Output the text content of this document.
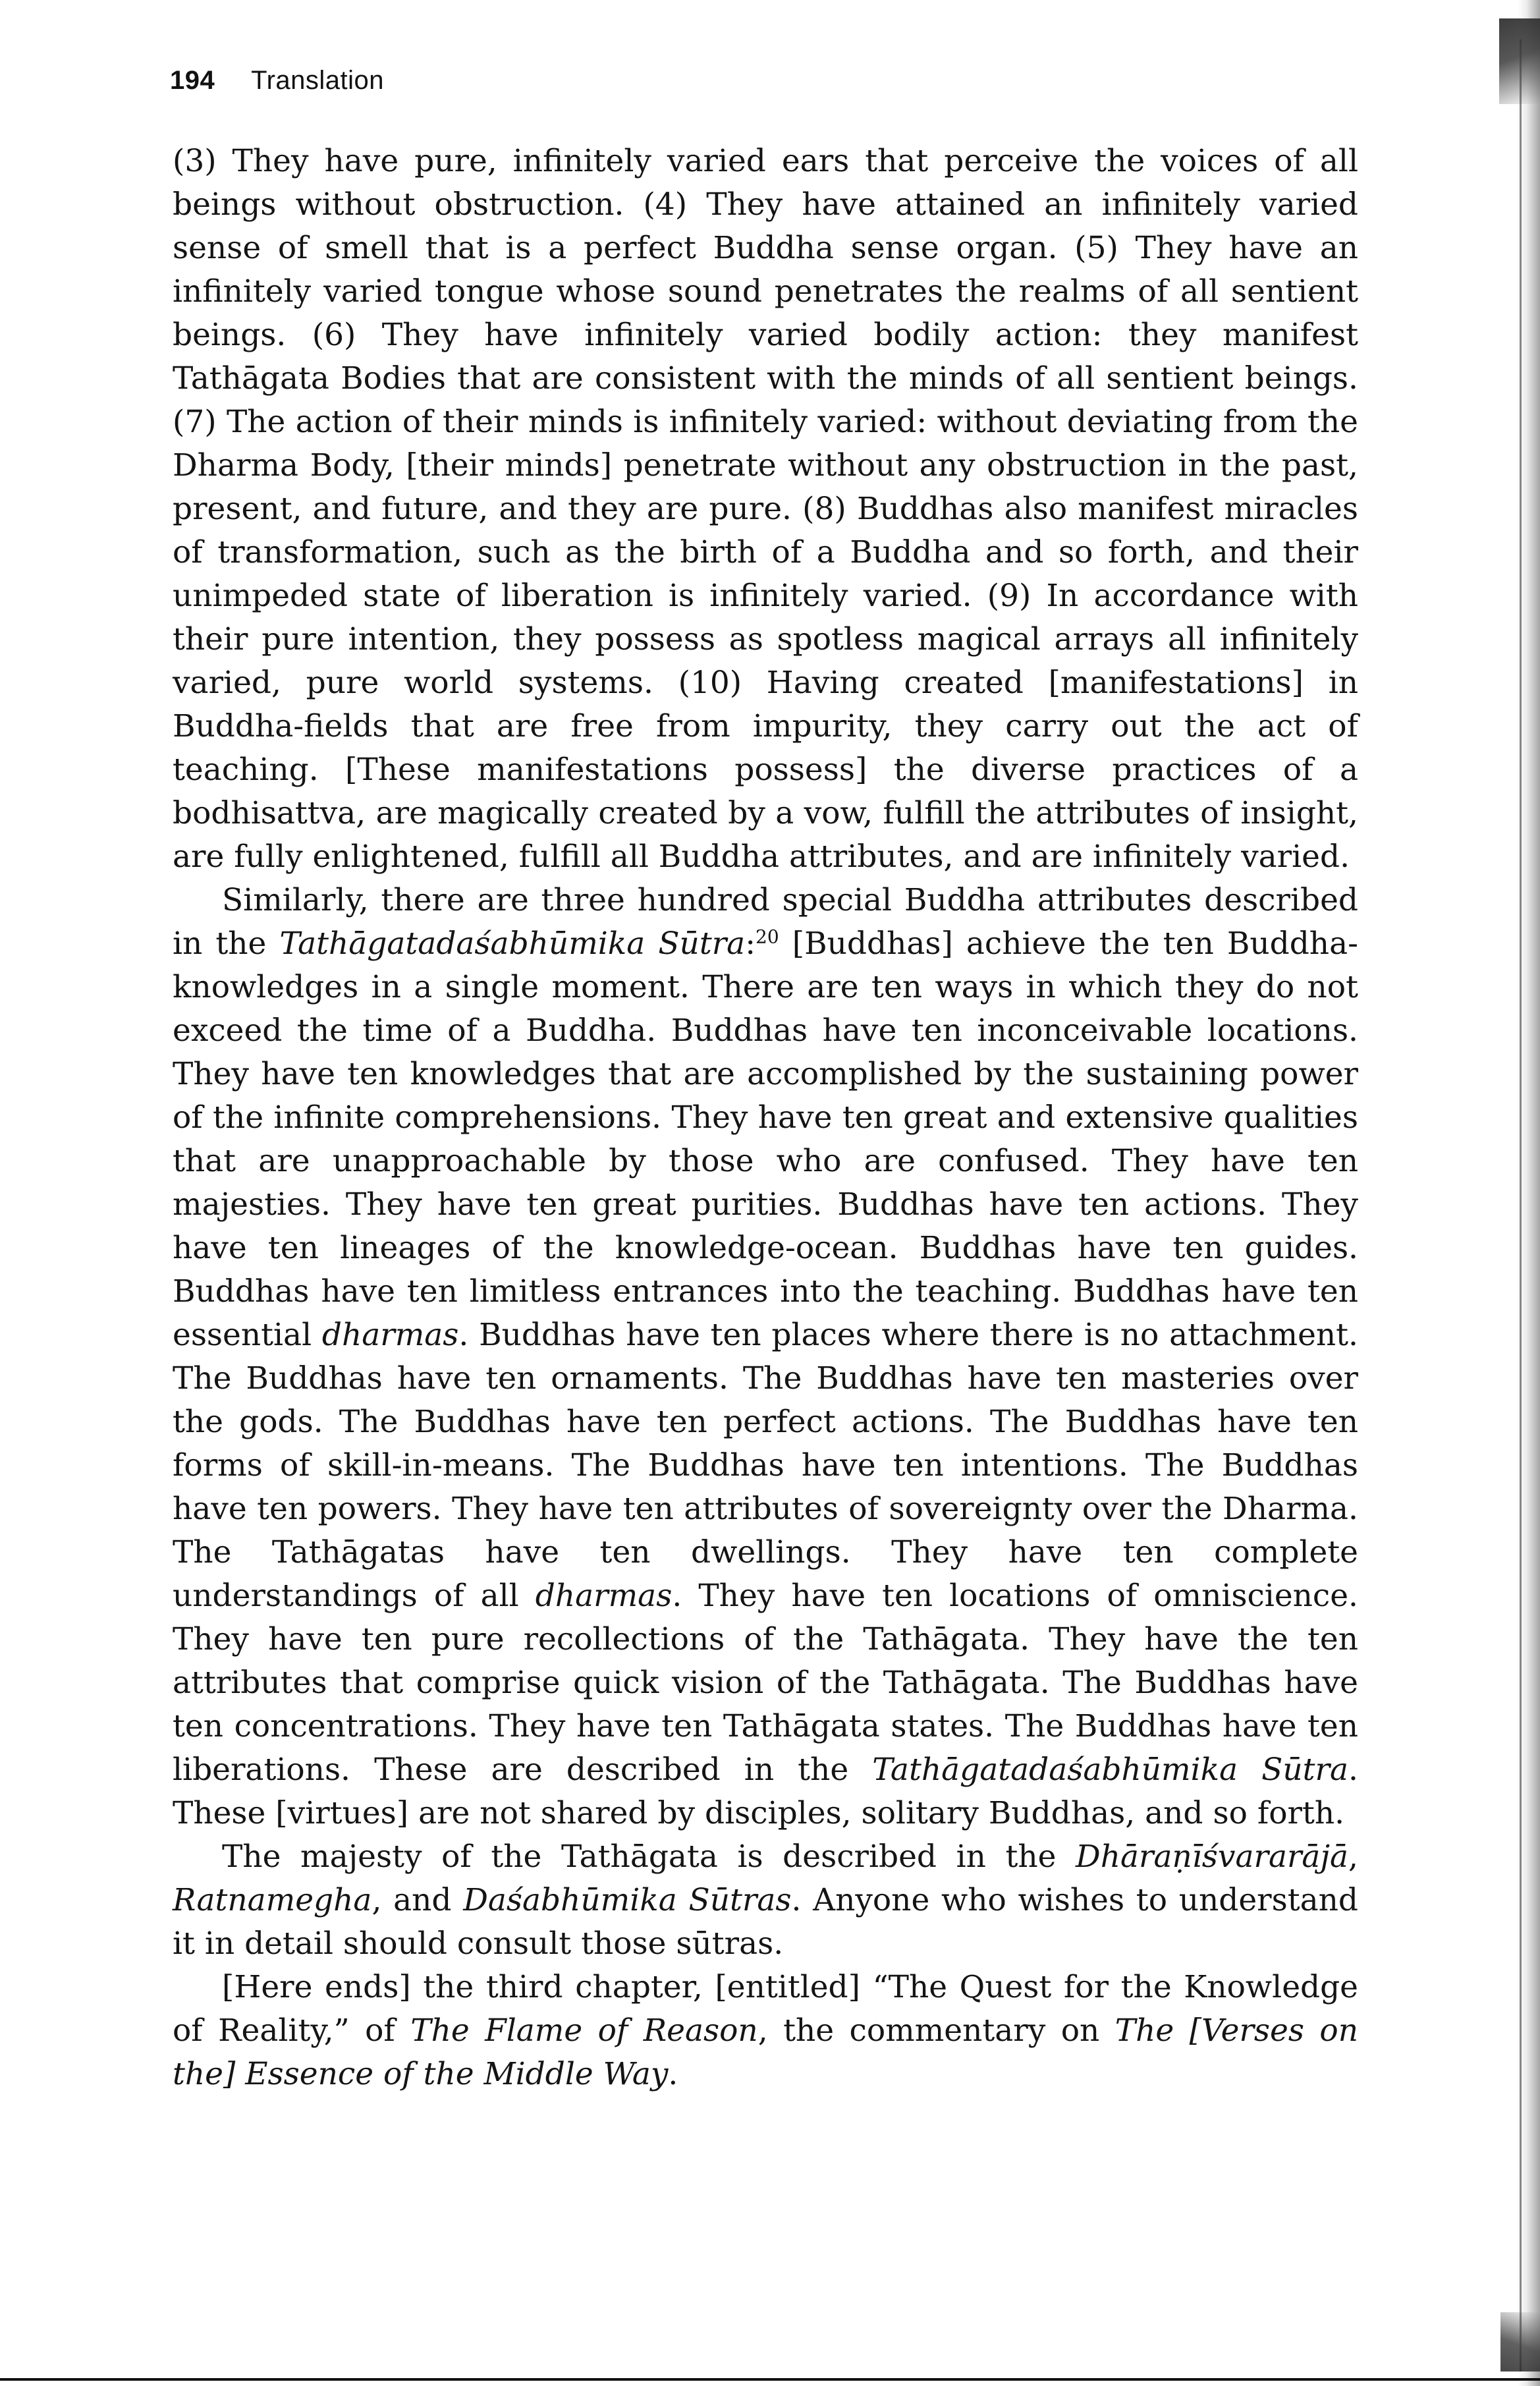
194 Translation

(3) They have pure, infinitely varied ears that perceive the voices of all beings without obstruction. (4) They have attained an infinitely varied sense of smell that is a perfect Buddha sense organ. (5) They have an infinitely varied tongue whose sound penetrates the realms of all sentient beings. (6) They have infinitely varied bodily action: they manifest Tathāgata Bodies that are consistent with the minds of all sentient beings. (7) The action of their minds is infinitely varied: without deviating from the Dharma Body, [their minds] penetrate without any obstruction in the past, present, and future, and they are pure. (8) Buddhas also manifest miracles of transformation, such as the birth of a Buddha and so forth, and their unimpeded state of liberation is infinitely varied. (9) In accordance with their pure intention, they possess as spotless magical arrays all infinitely varied, pure world systems. (10) Having created [manifestations] in Buddha-fields that are free from impurity, they carry out the act of teaching. [These manifestations possess] the diverse practices of a bodhisattva, are magically created by a vow, fulfill the attributes of insight, are fully enlightened, fulfill all Buddha attributes, and are infinitely varied.

Similarly, there are three hundred special Buddha attributes described in the Tathāgatadaśabhūmika Sūtra:$^{20}$ [Buddhas] achieve the ten Buddha-knowledges in a single moment. There are ten ways in which they do not exceed the time of a Buddha. Buddhas have ten inconceivable locations. They have ten knowledges that are accomplished by the sustaining power of the infinite comprehensions. They have ten great and extensive qualities that are unapproachable by those who are confused. They have ten majesties. They have ten great purities. Buddhas have ten actions. They have ten lineages of the knowledge-ocean. Buddhas have ten guides. Buddhas have ten limitless entrances into the teaching. Buddhas have ten essential dharmas. Buddhas have ten places where there is no attachment. The Buddhas have ten ornaments. The Buddhas have ten masteries over the gods. The Buddhas have ten perfect actions. The Buddhas have ten forms of skill-in-means. The Buddhas have ten intentions. The Buddhas have ten powers. They have ten attributes of sovereignty over the Dharma. The Tathāgatas have ten dwellings. They have ten complete understandings of all dharmas. They have ten locations of omniscience. They have ten pure recollections of the Tathāgata. They have the ten attributes that comprise quick vision of the Tathāgata. The Buddhas have ten concentrations. They have ten Tathāgata states. The Buddhas have ten liberations. These are described in the Tathāgatadaśabhūmika Sūtra. These [virtues] are not shared by disciples, solitary Buddhas, and so forth.

The majesty of the Tathāgata is described in the Dhāraṇīśvararājā, Ratnamegha, and Daśabhūmika Sūtras. Anyone who wishes to understand it in detail should consult those sūtras.

[Here ends] the third chapter, [entitled] “The Quest for the Knowledge of Reality,” of The Flame of Reason, the commentary on The [Verses on the] Essence of the Middle Way.
